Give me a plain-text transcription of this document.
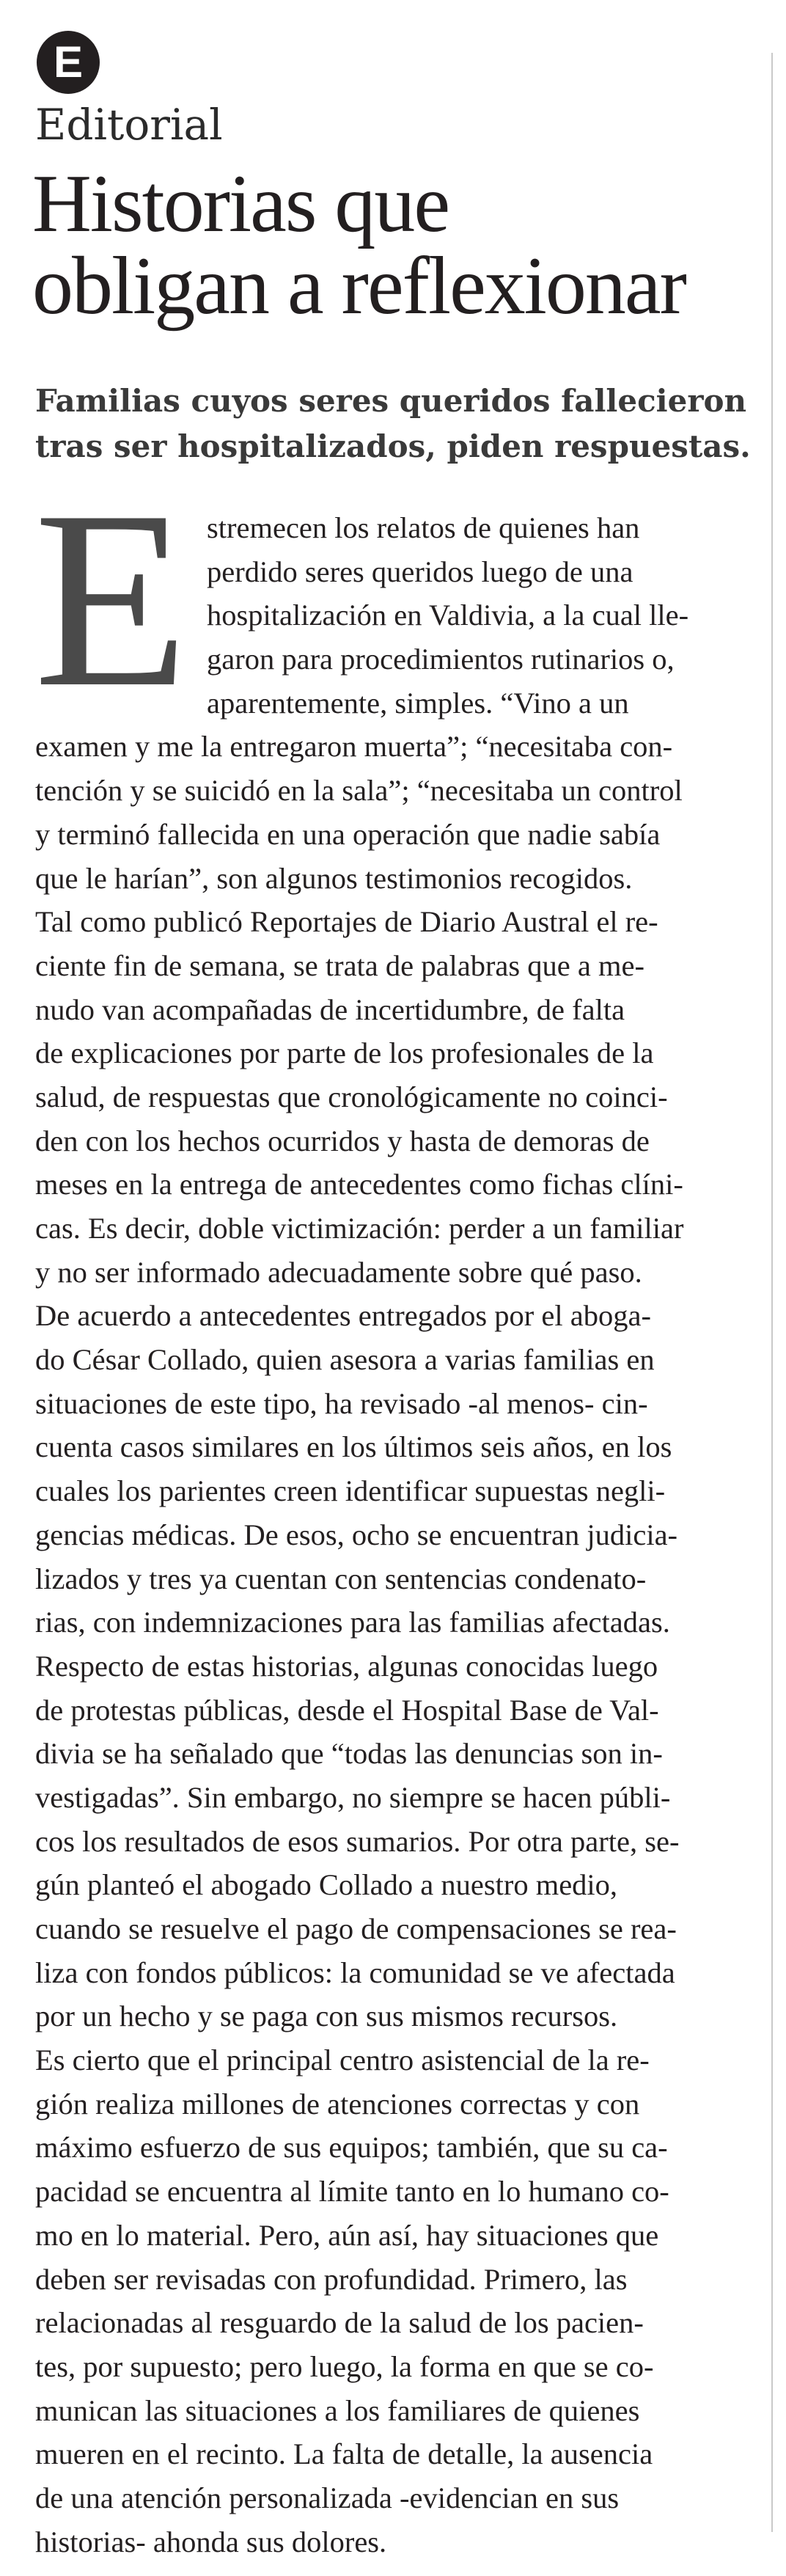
E
Editorial
Historias que
obligan a reflexionar
Familias cuyos seres queridos fallecieron
tras ser hospitalizados, piden respuestas.
E stremecen los relatos de quienes han
perdido seres queridos luego de una
hospitalización en Valdivia, a la cual lle-
garon para procedimientos rutinarios o,
aparentemente, simples. “Vino a un
examen y me la entregaron muerta”; “necesitaba con-
tención y se suicidó en la sala”; “necesitaba un control
y terminó fallecida en una operación que nadie sabía
que le harían”, son algunos testimonios recogidos.
Tal como publicó Reportajes de Diario Austral el re-
ciente fin de semana, se trata de palabras que a me-
nudo van acompañadas de incertidumbre, de falta
de explicaciones por parte de los profesionales de la
salud, de respuestas que cronológicamente no coinci-
den con los hechos ocurridos y hasta de demoras de
meses en la entrega de antecedentes como fichas clíni-
cas. Es decir, doble victimización: perder a un familiar
y no ser informado adecuadamente sobre qué paso.
De acuerdo a antecedentes entregados por el aboga-
do César Collado, quien asesora a varias familias en
situaciones de este tipo, ha revisado -al menos- cin-
cuenta casos similares en los últimos seis años, en los
cuales los parientes creen identificar supuestas negli-
gencias médicas. De esos, ocho se encuentran judicia-
lizados y tres ya cuentan con sentencias condenato-
rias, con indemnizaciones para las familias afectadas.
Respecto de estas historias, algunas conocidas luego
de protestas públicas, desde el Hospital Base de Val-
divia se ha señalado que “todas las denuncias son in-
vestigadas”. Sin embargo, no siempre se hacen públi-
cos los resultados de esos sumarios. Por otra parte, se-
gún planteó el abogado Collado a nuestro medio,
cuando se resuelve el pago de compensaciones se rea-
liza con fondos públicos: la comunidad se ve afectada
por un hecho y se paga con sus mismos recursos.
Es cierto que el principal centro asistencial de la re-
gión realiza millones de atenciones correctas y con
máximo esfuerzo de sus equipos; también, que su ca-
pacidad se encuentra al límite tanto en lo humano co-
mo en lo material. Pero, aún así, hay situaciones que
deben ser revisadas con profundidad. Primero, las
relacionadas al resguardo de la salud de los pacien-
tes, por supuesto; pero luego, la forma en que se co-
munican las situaciones a los familiares de quienes
mueren en el recinto. La falta de detalle, la ausencia
de una atención personalizada -evidencian en sus
historias- ahonda sus dolores.
